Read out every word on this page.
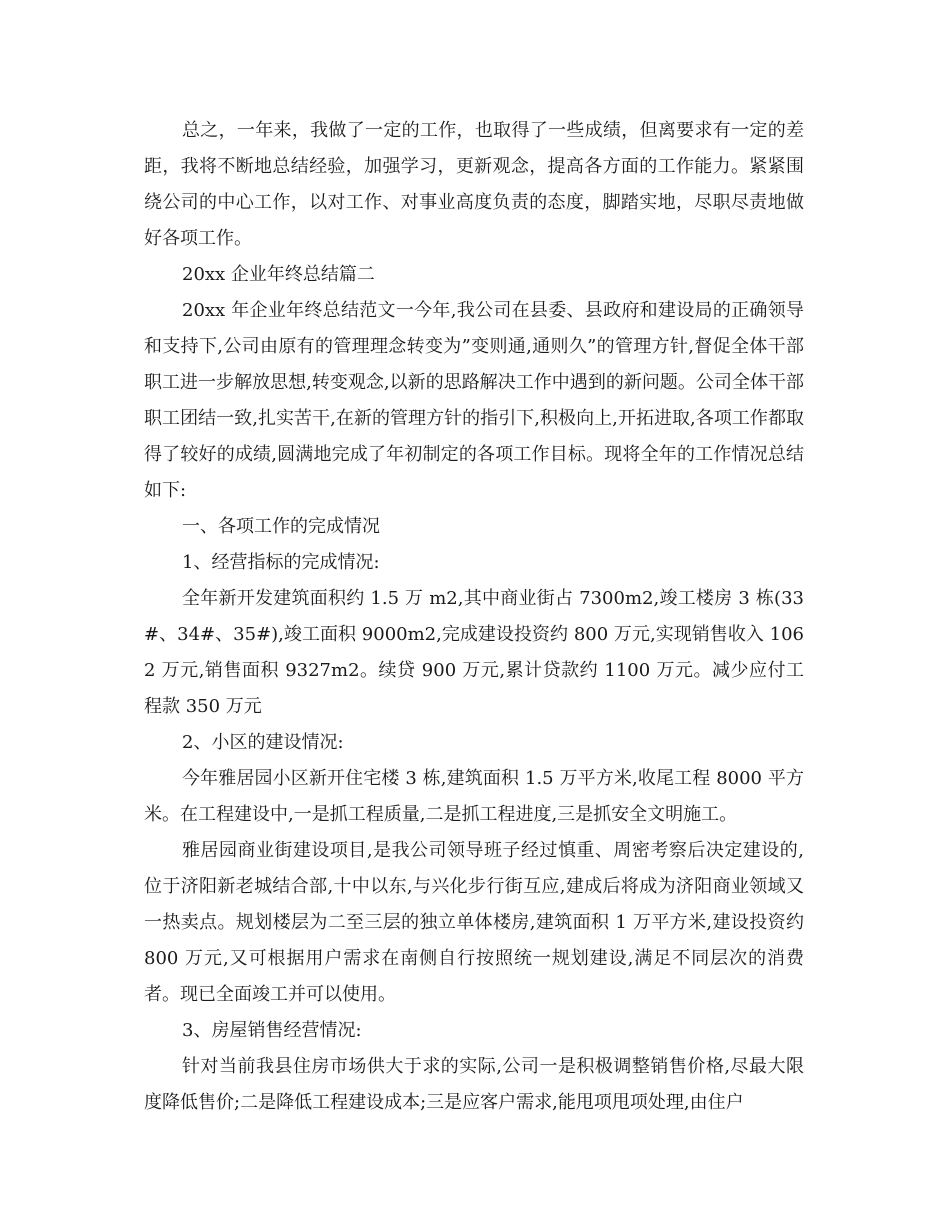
总之，一年来，我做了一定的工作，也取得了一些成绩，但离要求有一定的差距，我将不断地总结经验，加强学习，更新观念，提高各方面的工作能力。紧紧围绕公司的中心工作，以对工作、对事业高度负责的态度，脚踏实地，尽职尽责地做好各项工作。

20xx 企业年终总结篇二

20xx 年企业年终总结范文一今年,我公司在县委、县政府和建设局的正确领导和支持下,公司由原有的管理理念转变为”变则通,通则久”的管理方针,督促全体干部职工进一步解放思想,转变观念,以新的思路解决工作中遇到的新问题。公司全体干部职工团结一致,扎实苦干,在新的管理方针的指引下,积极向上,开拓进取,各项工作都取得了较好的成绩,圆满地完成了年初制定的各项工作目标。现将全年的工作情况总结如下:

一、各项工作的完成情况

1、经营指标的完成情况:

全年新开发建筑面积约 1.5 万 m2,其中商业街占 7300m2,竣工楼房 3 栋(33#、34#、35#),竣工面积 9000m2,完成建设投资约 800 万元,实现销售收入 1062 万元,销售面积 9327m2。续贷 900 万元,累计贷款约 1100 万元。减少应付工程款 350 万元

2、小区的建设情况:

今年雅居园小区新开住宅楼 3 栋,建筑面积 1.5 万平方米,收尾工程 8000 平方米。在工程建设中,一是抓工程质量,二是抓工程进度,三是抓安全文明施工。

雅居园商业街建设项目,是我公司领导班子经过慎重、周密考察后决定建设的,位于济阳新老城结合部,十中以东,与兴化步行街互应,建成后将成为济阳商业领域又一热卖点。规划楼层为二至三层的独立单体楼房,建筑面积 1 万平方米,建设投资约 800 万元,又可根据用户需求在南侧自行按照统一规划建设,满足不同层次的消费者。现已全面竣工并可以使用。

3、房屋销售经营情况:

针对当前我县住房市场供大于求的实际,公司一是积极调整销售价格,尽最大限度降低售价;二是降低工程建设成本;三是应客户需求,能甩项甩项处理,由住户
